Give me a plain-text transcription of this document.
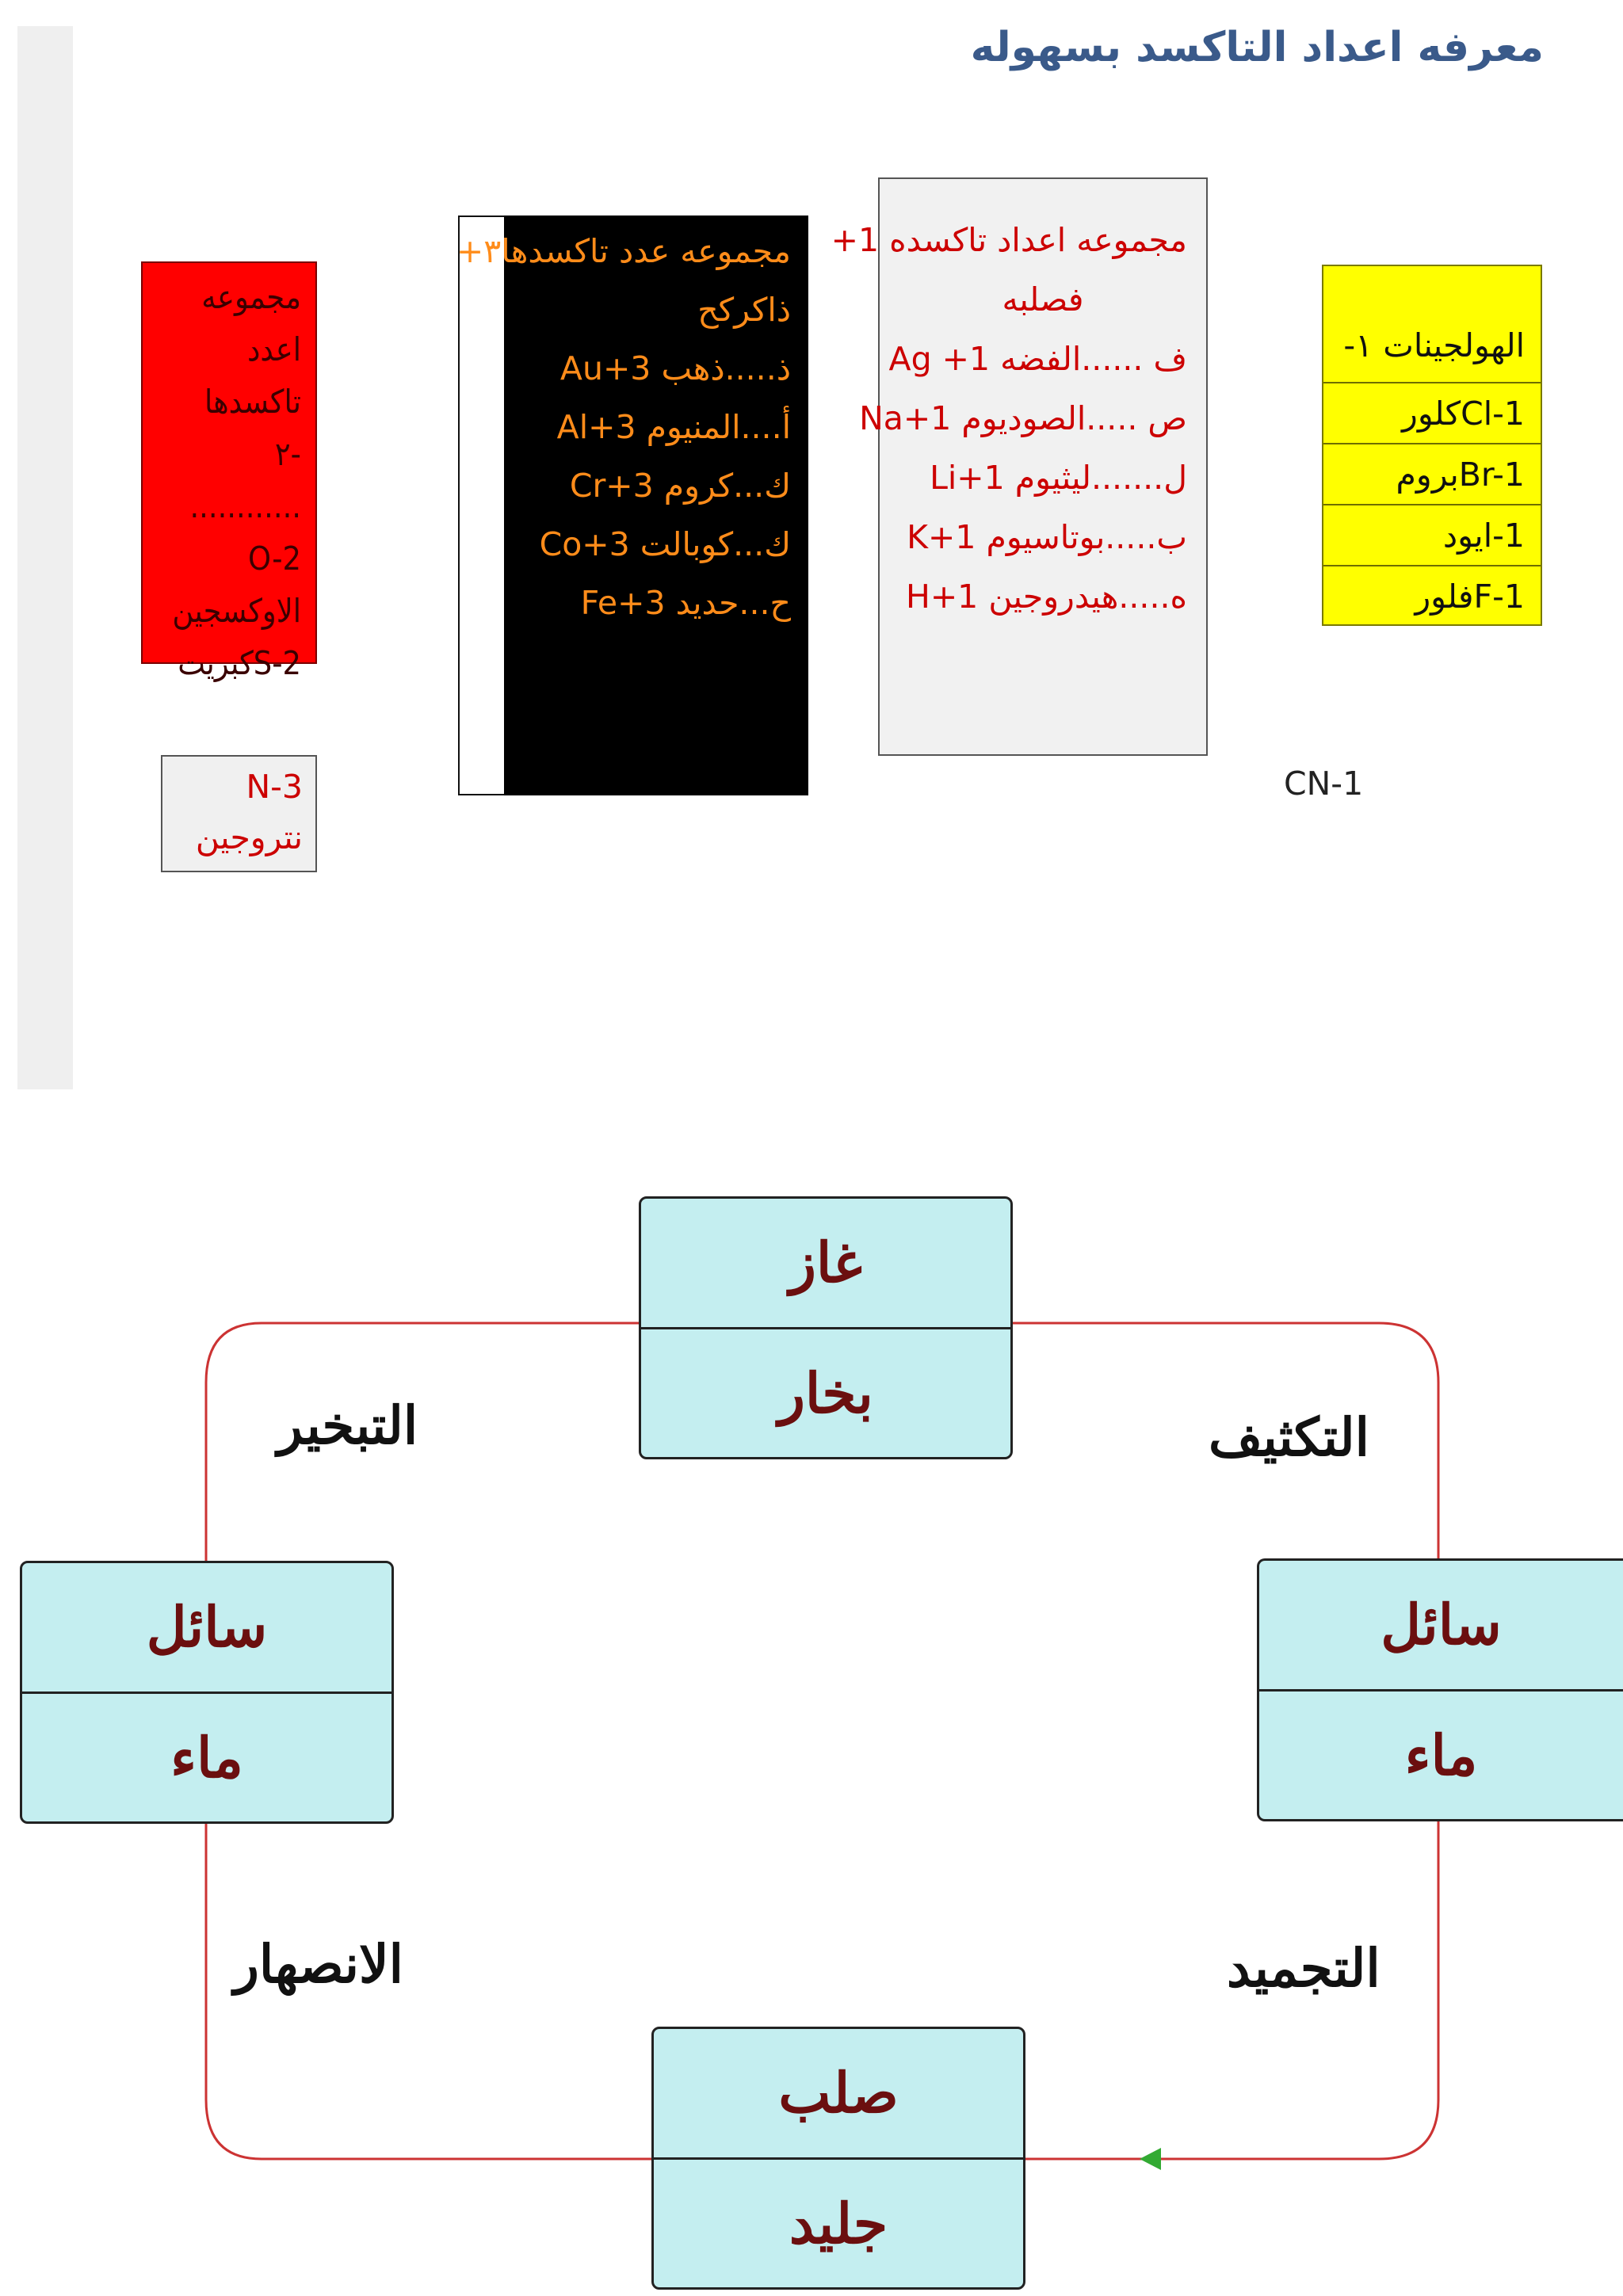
معرفه اعداد التاكسد بسهوله
مجموعه
اعدد تاكسدها
-٢
............
O-2
الاوكسجين
S-2كبريت
N-3
نتروجين
مجموعه عدد تاكسدها٣+
ذاكركح
ذ.....ذهب Au+3
أ....المنيوم Al+3
ك...كروم Cr+3
ك...كوبالت Co+3
ح...حديد Fe+3
مجموعه اعداد تاكسده 1+
فصلبه
ف ......الفضه Ag +1
ص .....الصوديوم Na+1
ل.......ليثيوم Li+1
ب.....بوتاسيوم K+1
ه.....هيدروجين H+1
الهولجينات ١-
Cl-1كلور
Br-1بروم
1-ايود
F-1فلور
CN-1
غاز
بخار
سائل
ماء
سائل
ماء
صلب
جليد
التبخير	التكثيف
الانصهار	التجميد
